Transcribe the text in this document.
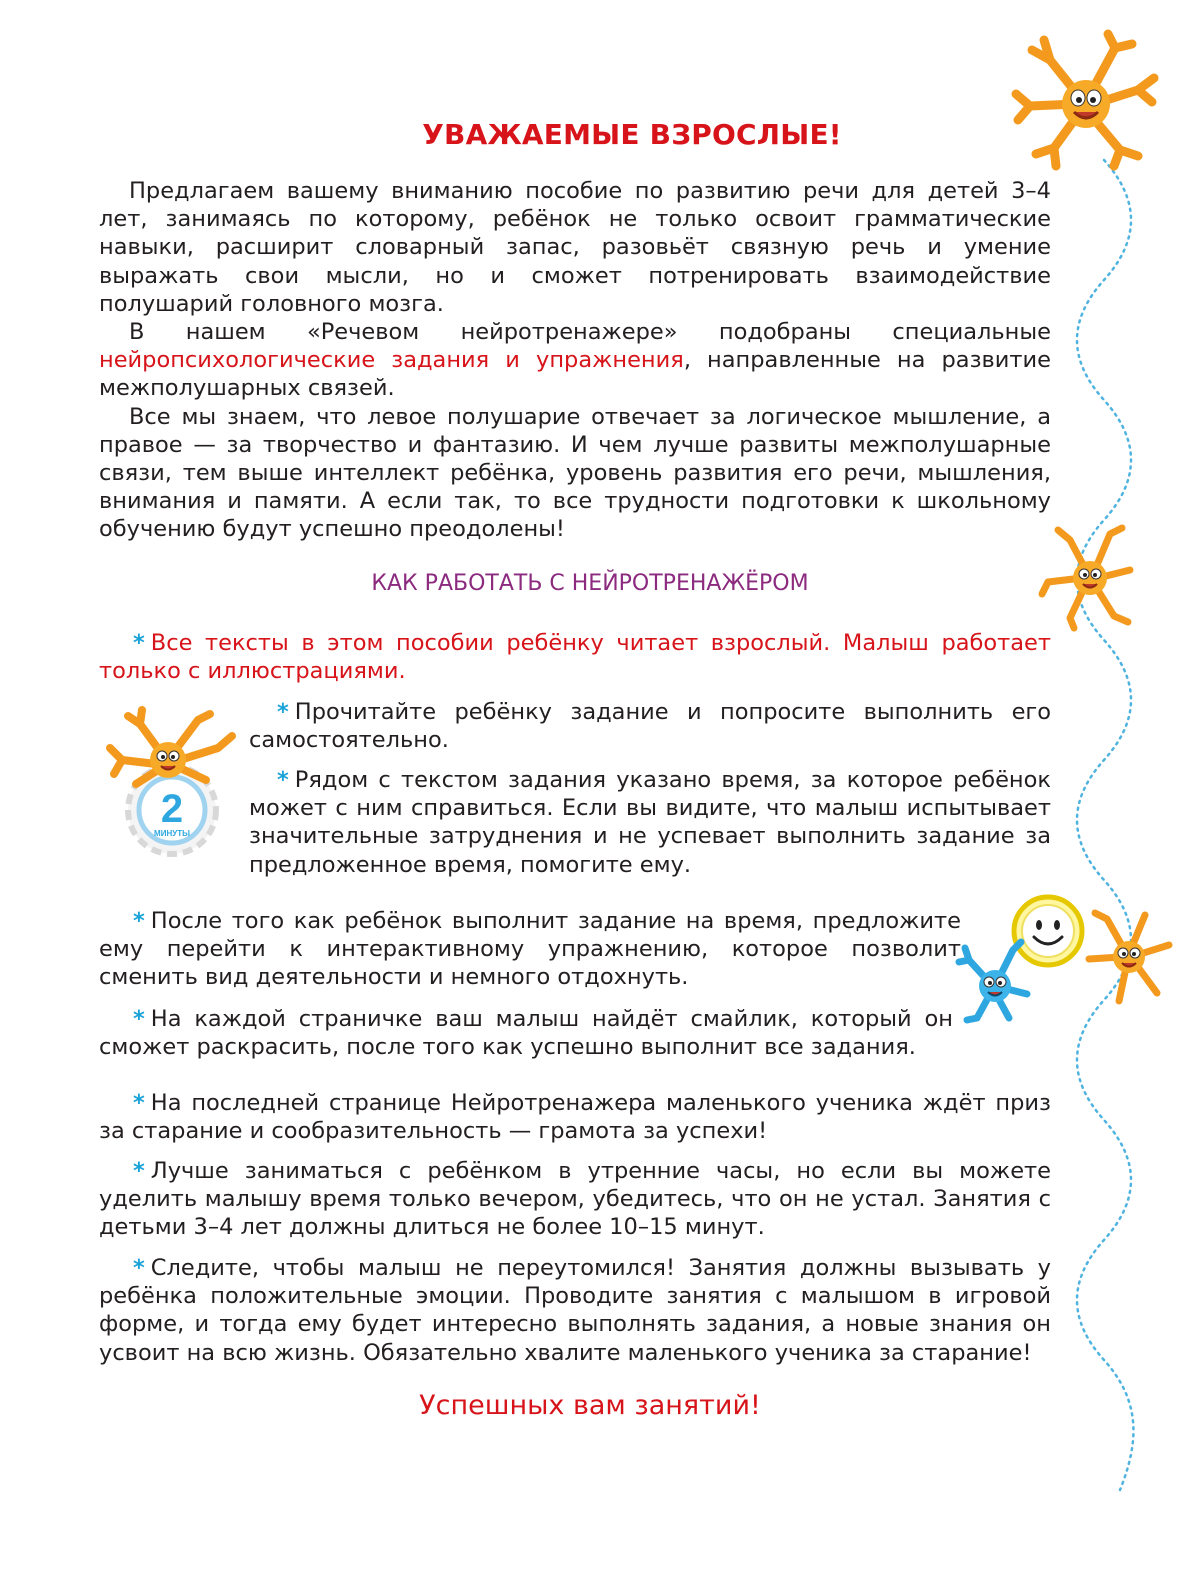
2
МИНУТЫ
УВАЖАЕМЫЕ ВЗРОСЛЫЕ!

Предлагаем вашему вниманию пособие по развитию речи для детей 3–4 лет, занимаясь по которому, ребёнок не только освоит грамматические навыки, расширит словарный запас, разовьёт связную речь и умение выражать свои мысли, но и сможет потренировать взаимодействие полушарий головного мозга.

В нашем «Речевом нейротренажере» подобраны специальные нейропсихологические задания и упражнения, направленные на развитие межполушарных связей.

Все мы знаем, что левое полушарие отвечает за логическое мышление, а правое — за творчество и фантазию. И чем лучше развиты межполушарные связи, тем выше интеллект ребёнка, уровень развития его речи, мышления, внимания и памяти. А если так, то все трудности подготовки к школьному обучению будут успешно преодолены!

КАК РАБОТАТЬ С НЕЙРОТРЕНАЖЁРОМ
* Все тексты в этом пособии ребёнку читает взрослый. Малыш работает только с иллюстрациями.
* Прочитайте ребёнку задание и попросите выполнить его самостоятельно.
* Рядом с текстом задания указано время, за которое ребёнок может с ним справиться. Если вы видите, что малыш испытывает значительные затруднения и не успевает выполнить задание за предложенное время, помогите ему.
* После того как ребёнок выполнит задание на время, предложите ему перейти к интерактивному упражнению, которое позволит сменить вид деятельности и немного отдохнуть.
* На каждой страничке ваш малыш найдёт смайлик, который он сможет раскрасить, после того как успешно выполнит все задания.
* На последней странице Нейротренажера маленького ученика ждёт приз за старание и сообразительность — грамота за успехи!
* Лучше заниматься с ребёнком в утренние часы, но если вы можете уделить малышу время только вечером, убедитесь, что он не устал. Занятия с детьми 3–4 лет должны длиться не более 10–15 минут.
* Следите, чтобы малыш не переутомился! Занятия должны вызывать у ребёнка положительные эмоции. Проводите занятия с малышом в игровой форме, и тогда ему будет интересно выполнять задания, а новые знания он усвоит на всю жизнь. Обязательно хвалите маленького ученика за старание!
Успешных вам занятий!
